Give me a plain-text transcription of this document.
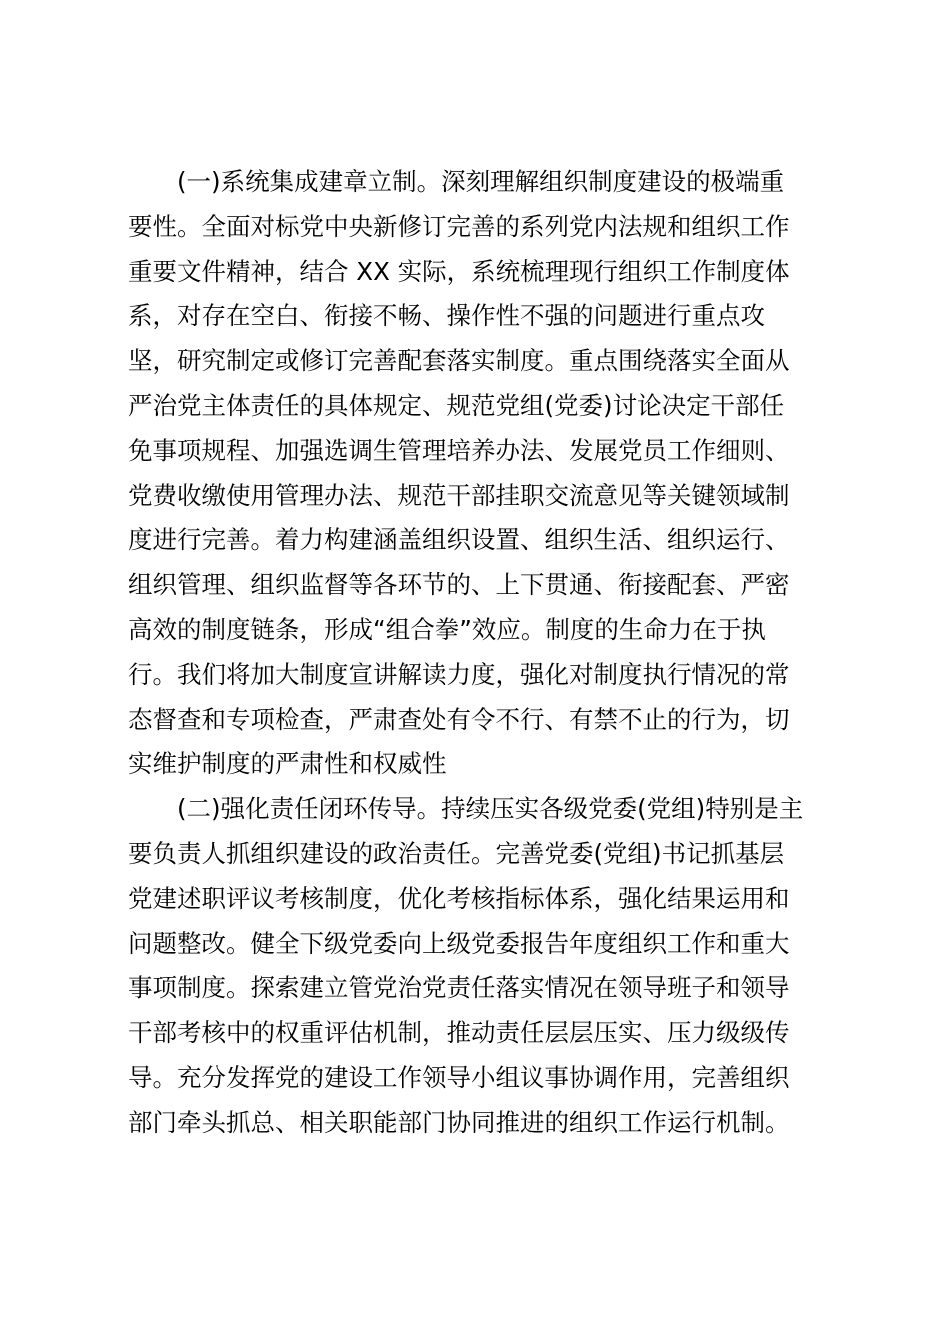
(一)系统集成建章立制。深刻理解组织制度建设的极端重
要性。全面对标党中央新修订完善的系列党内法规和组织工作
重要文件精神，结合 XX 实际，系统梳理现行组织工作制度体
系，对存在空白、衔接不畅、操作性不强的问题进行重点攻
坚，研究制定或修订完善配套落实制度。重点围绕落实全面从
严治党主体责任的具体规定、规范党组(党委)讨论决定干部任
免事项规程、加强选调生管理培养办法、发展党员工作细则、
党费收缴使用管理办法、规范干部挂职交流意见等关键领域制
度进行完善。着力构建涵盖组织设置、组织生活、组织运行、
组织管理、组织监督等各环节的、上下贯通、衔接配套、严密
高效的制度链条，形成“组合拳”效应。制度的生命力在于执
行。我们将加大制度宣讲解读力度，强化对制度执行情况的常
态督查和专项检查，严肃查处有令不行、有禁不止的行为，切
实维护制度的严肃性和权威性
(二)强化责任闭环传导。持续压实各级党委(党组)特别是主
要负责人抓组织建设的政治责任。完善党委(党组)书记抓基层
党建述职评议考核制度，优化考核指标体系，强化结果运用和
问题整改。健全下级党委向上级党委报告年度组织工作和重大
事项制度。探索建立管党治党责任落实情况在领导班子和领导
干部考核中的权重评估机制，推动责任层层压实、压力级级传
导。充分发挥党的建设工作领导小组议事协调作用，完善组织
部门牵头抓总、相关职能部门协同推进的组织工作运行机制。
